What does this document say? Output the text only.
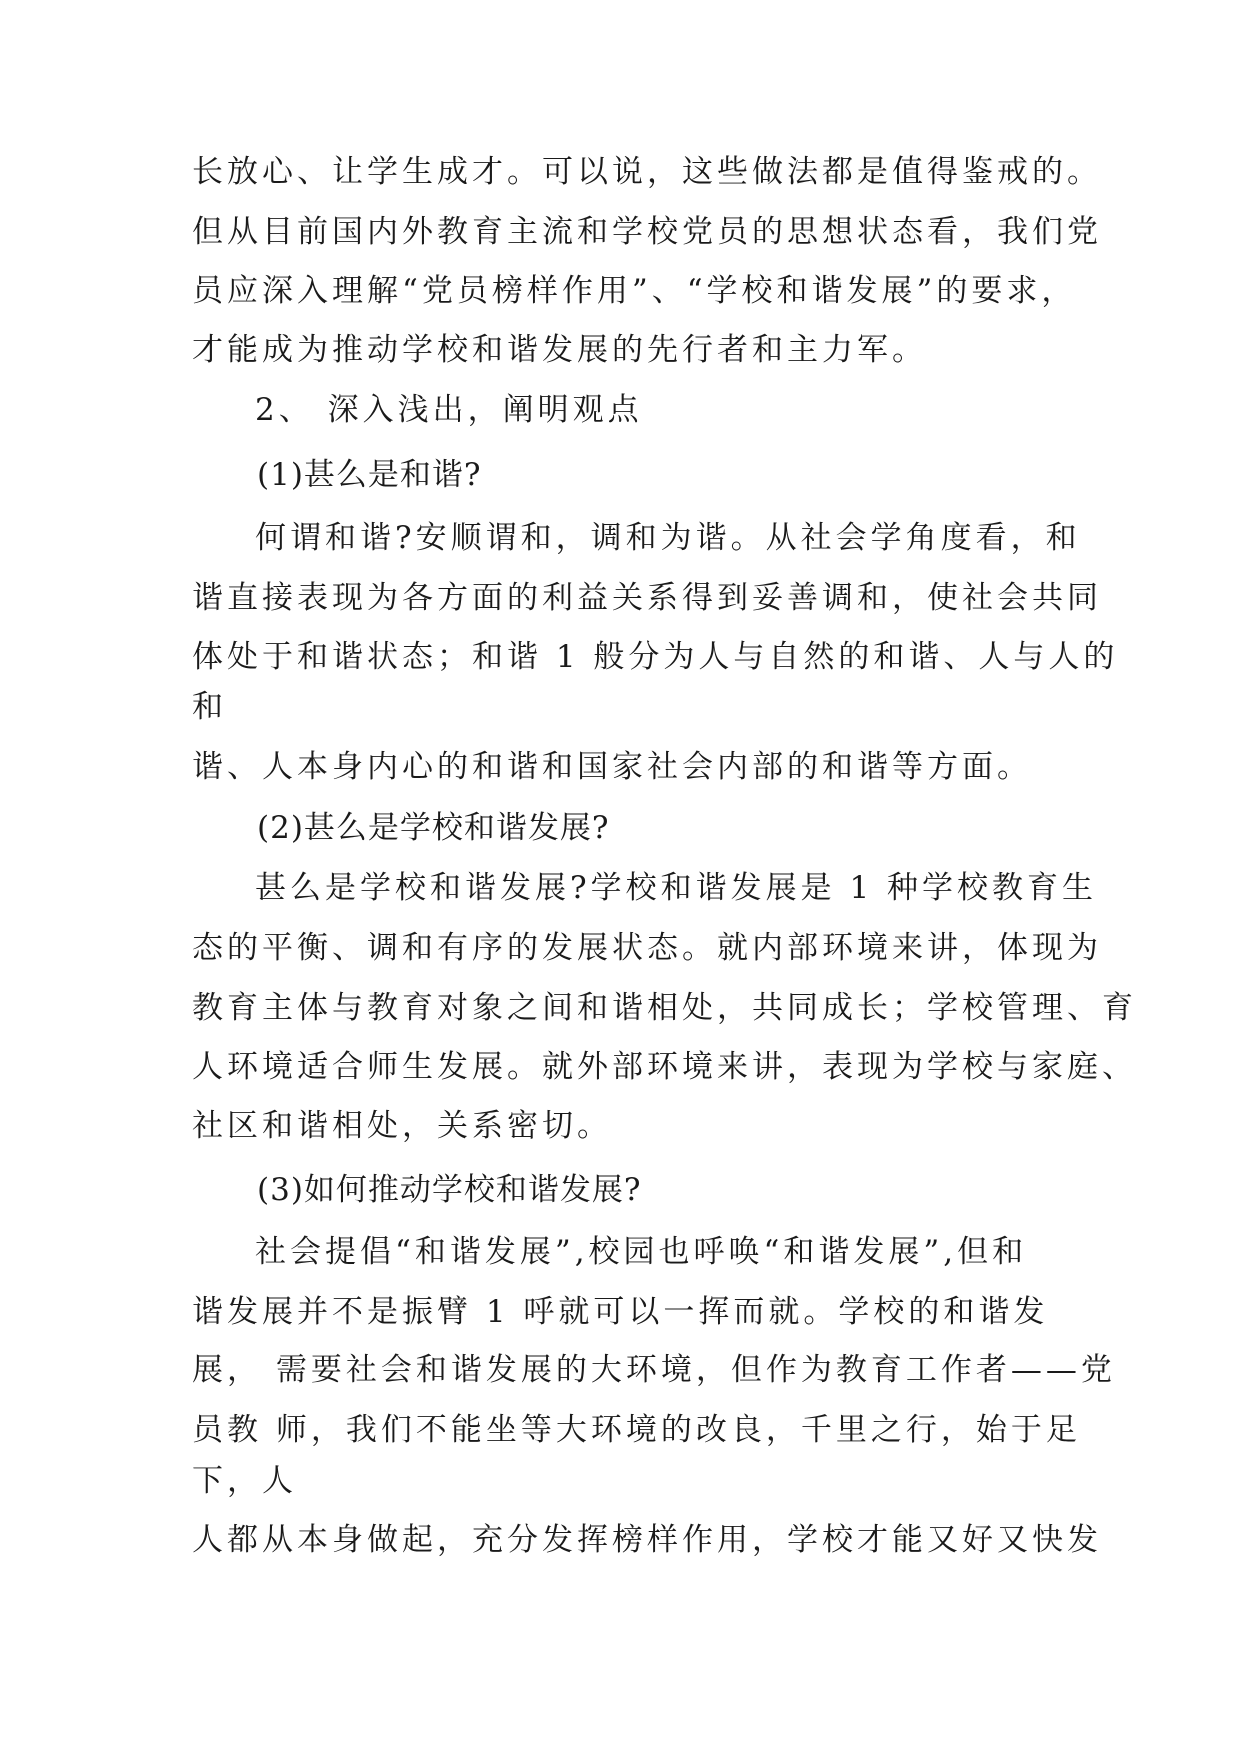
长放心、让学生成才。可以说，这些做法都是值得鉴戒的。
但从目前国内外教育主流和学校党员的思想状态看，我们党
员应深入理解“党员榜样作用”、“学校和谐发展”的要求，
才能成为推动学校和谐发展的先行者和主力军。
2、 深入浅出，阐明观点
(1)甚么是和谐?
何谓和谐?安顺谓和，调和为谐。从社会学角度看，和
谐直接表现为各方面的利益关系得到妥善调和，使社会共同
体处于和谐状态；和谐 1 般分为人与自然的和谐、人与人的
和
谐、人本身内心的和谐和国家社会内部的和谐等方面。
(2)甚么是学校和谐发展?
甚么是学校和谐发展?学校和谐发展是 1 种学校教育生
态的平衡、调和有序的发展状态。就内部环境来讲，体现为
教育主体与教育对象之间和谐相处，共同成长；学校管理、育
人环境适合师生发展。就外部环境来讲，表现为学校与家庭、
社区和谐相处，关系密切。
(3)如何推动学校和谐发展?
社会提倡“和谐发展”,校园也呼唤“和谐发展”,但和
谐发展并不是振臂 1 呼就可以一挥而就。学校的和谐发
展， 需要社会和谐发展的大环境，但作为教育工作者——党
员教 师，我们不能坐等大环境的改良，千里之行，始于足
下，人
人都从本身做起，充分发挥榜样作用，学校才能又好又快发
